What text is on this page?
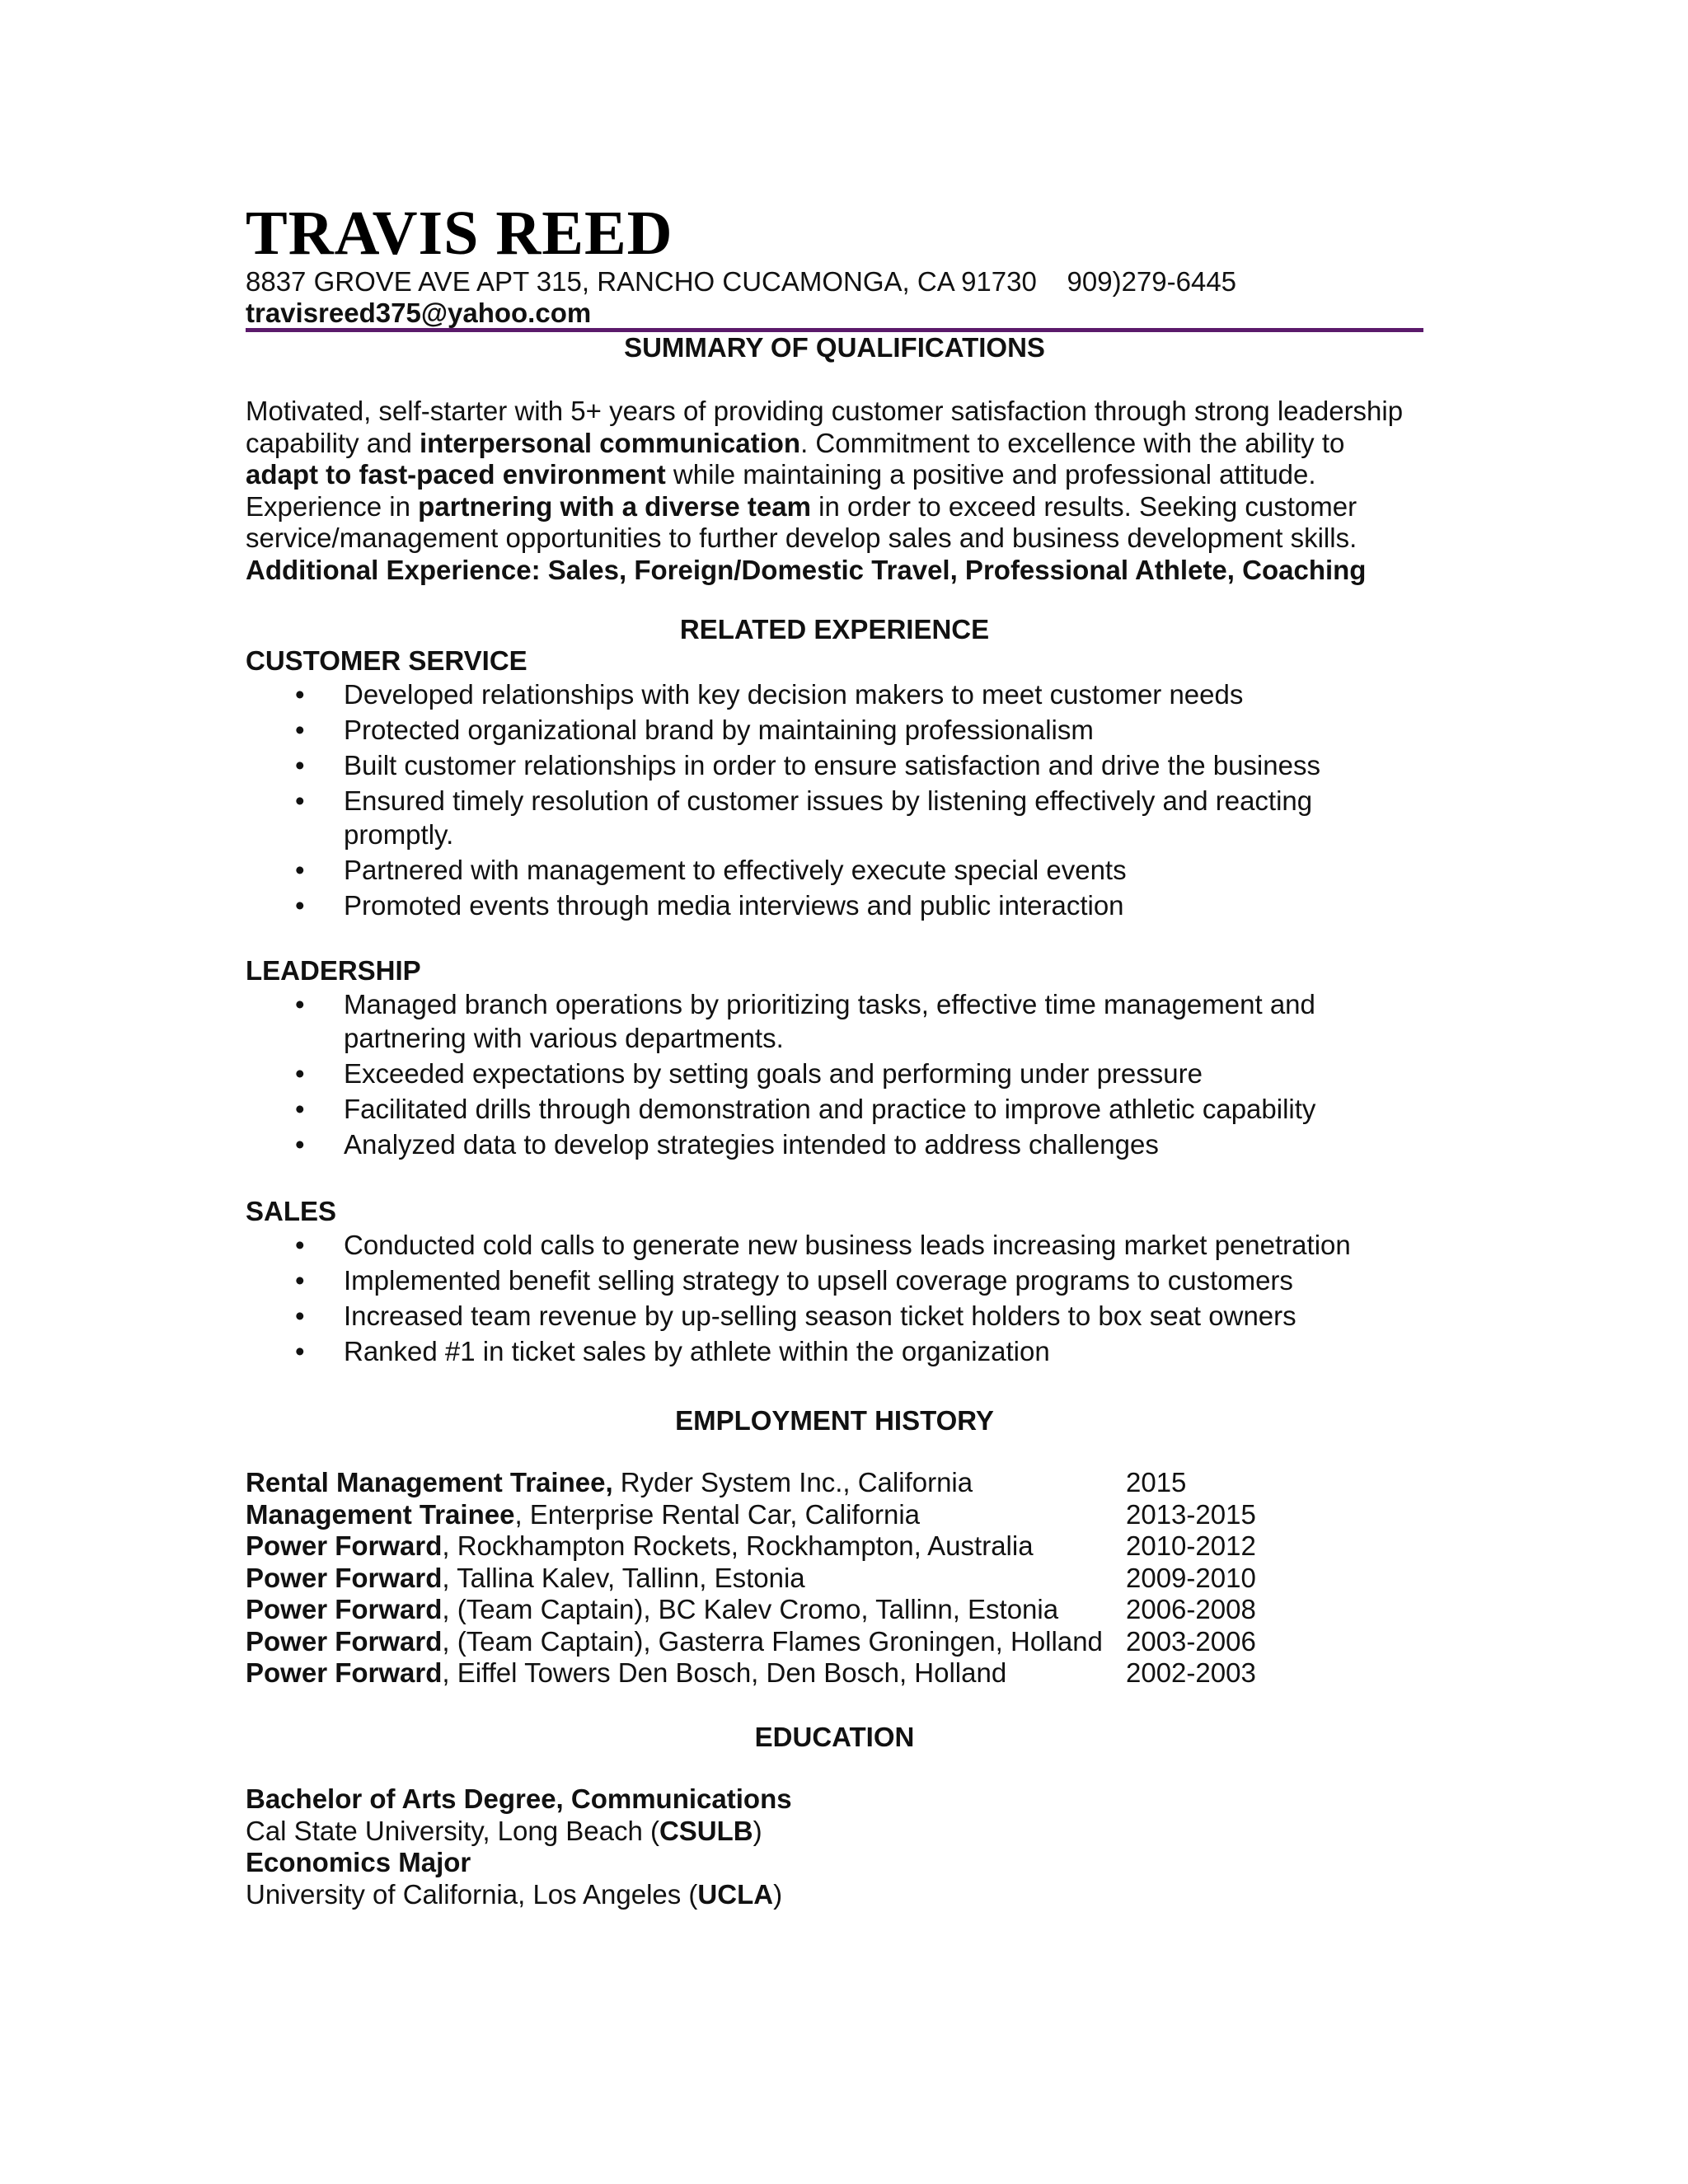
TRAVIS REED
8837 GROVE AVE APT 315, RANCHO CUCAMONGA, CA 91730 909)279-6445
travisreed375@yahoo.com
SUMMARY OF QUALIFICATIONS
Motivated, self-starter with 5+ years of providing customer satisfaction through strong leadership
capability and interpersonal communication. Commitment to excellence with the ability to
adapt to fast-paced environment while maintaining a positive and professional attitude.
Experience in partnering with a diverse team in order to exceed results. Seeking customer
service/management opportunities to further develop sales and business development skills.
Additional Experience: Sales, Foreign/Domestic Travel, Professional Athlete, Coaching
RELATED EXPERIENCE
CUSTOMER SERVICE
• Developed relationships with key decision makers to meet customer needs
• Protected organizational brand by maintaining professionalism
• Built customer relationships in order to ensure satisfaction and drive the business
• Ensured timely resolution of customer issues by listening effectively and reacting promptly.
• Partnered with management to effectively execute special events
• Promoted events through media interviews and public interaction
LEADERSHIP
• Managed branch operations by prioritizing tasks, effective time management and partnering with various departments.
• Exceeded expectations by setting goals and performing under pressure
• Facilitated drills through demonstration and practice to improve athletic capability
• Analyzed data to develop strategies intended to address challenges
SALES
• Conducted cold calls to generate new business leads increasing market penetration
• Implemented benefit selling strategy to upsell coverage programs to customers
• Increased team revenue by up-selling season ticket holders to box seat owners
• Ranked #1 in ticket sales by athlete within the organization
EMPLOYMENT HISTORY
Rental Management Trainee, Ryder System Inc., California	2015
Management Trainee, Enterprise Rental Car, California	2013-2015
Power Forward, Rockhampton Rockets, Rockhampton, Australia	2010-2012
Power Forward, Tallina Kalev, Tallinn, Estonia	2009-2010
Power Forward, (Team Captain), BC Kalev Cromo, Tallinn, Estonia 2006-2008
Power Forward, (Team Captain), Gasterra Flames Groningen, Holland 2003-2006
Power Forward, Eiffel Towers Den Bosch, Den Bosch, Holland	2002-2003
EDUCATION
Bachelor of Arts Degree, Communications
Cal State University, Long Beach (CSULB)
Economics Major
University of California, Los Angeles (UCLA)
